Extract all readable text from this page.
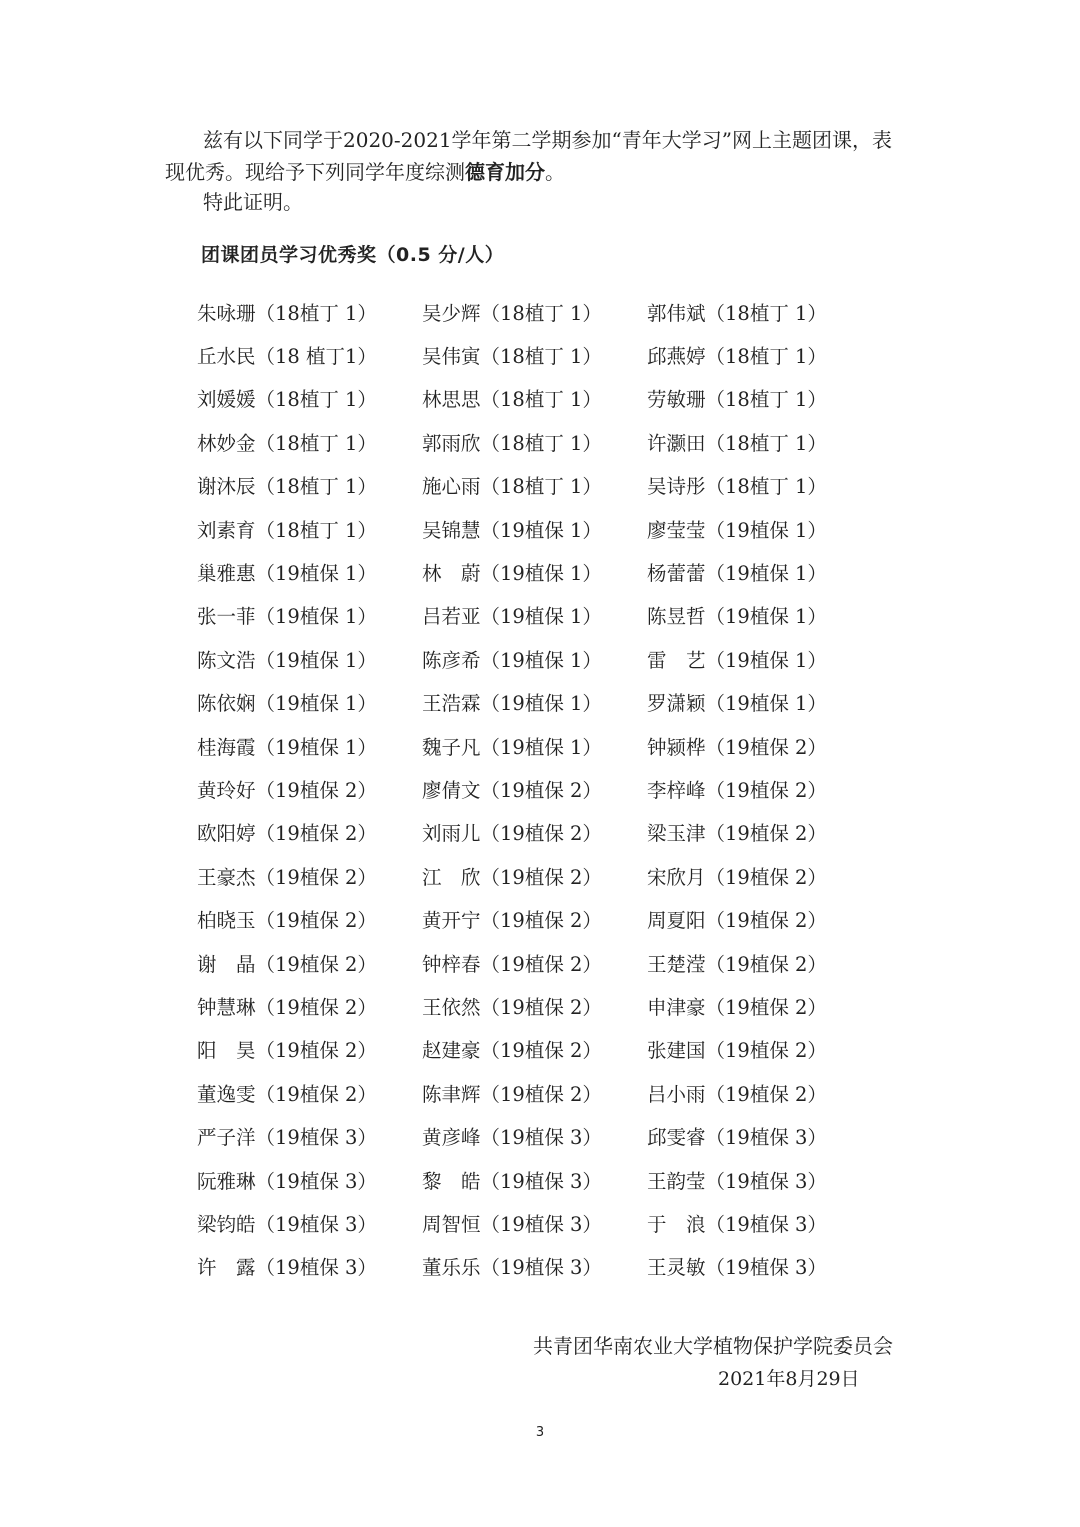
兹有以下同学于2020-2021学年第二学期参加“青年大学习”网上主题团课，表

现优秀。现给予下列同学年度综测德育加分。

特此证明。
团课团员学习优秀奖（0.5 分/人）
朱咏珊（18植丁 1）	吴少辉（18植丁 1）	郭伟斌（18植丁 1）
丘水民（18 植丁1）	吴伟寅（18植丁 1）	邱燕婷（18植丁 1）
刘媛媛（18植丁 1）	林思思（18植丁 1）	劳敏珊（18植丁 1）
林妙金（18植丁 1）	郭雨欣（18植丁 1）	许灏田（18植丁 1）
谢沐辰（18植丁 1）	施心雨（18植丁 1）	吴诗彤（18植丁 1）
刘素育（18植丁 1）	吴锦慧（19植保 1）	廖莹莹（19植保 1）
巢雅惠（19植保 1）	林　蔚（19植保 1）	杨蕾蕾（19植保 1）
张一菲（19植保 1）	吕若亚（19植保 1）	陈昱哲（19植保 1）
陈文浩（19植保 1）	陈彦希（19植保 1）	雷　艺（19植保 1）
陈依娴（19植保 1）	王浩霖（19植保 1）	罗潇颖（19植保 1）
桂海霞（19植保 1）	魏子凡（19植保 1）	钟颍桦（19植保 2）
黄玲好（19植保 2）	廖倩文（19植保 2）	李梓峰（19植保 2）
欧阳婷（19植保 2）	刘雨儿（19植保 2）	梁玉津（19植保 2）
王豪杰（19植保 2）	江　欣（19植保 2）	宋欣月（19植保 2）
柏晓玉（19植保 2）	黄开宁（19植保 2）	周夏阳（19植保 2）
谢　晶（19植保 2）	钟梓春（19植保 2）	王楚滢（19植保 2）
钟慧琳（19植保 2）	王依然（19植保 2）	申津豪（19植保 2）
阳　昊（19植保 2）	赵建豪（19植保 2）	张建国（19植保 2）
董逸雯（19植保 2）	陈聿辉（19植保 2）	吕小雨（19植保 2）
严子洋（19植保 3）	黄彦峰（19植保 3）	邱雯睿（19植保 3）
阮雅琳（19植保 3）	黎　皓（19植保 3）	王韵莹（19植保 3）
梁钧皓（19植保 3）	周智恒（19植保 3）	于　浪（19植保 3）
许　露（19植保 3）	董乐乐（19植保 3）	王灵敏（19植保 3）
共青团华南农业大学植物保护学院委员会
2021年8月29日
3
